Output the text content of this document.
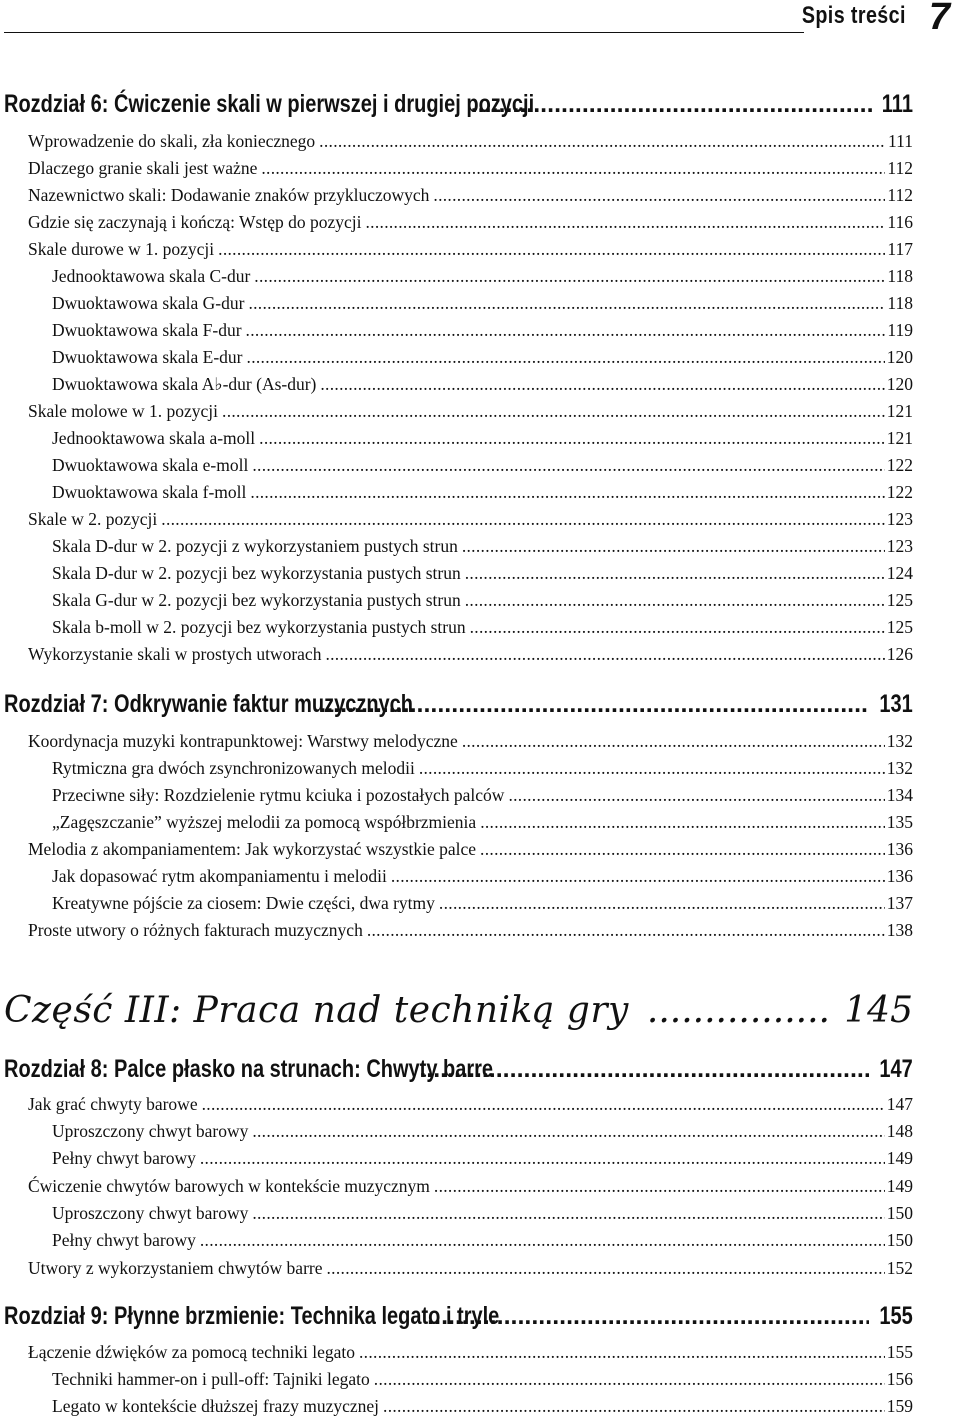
Spis treści 7
Rozdział 6: Ćwiczenie skali w pierwszej i drugiej pozycji .....	111
Wprowadzenie do skali, zła koniecznego .....	111
Dlaczego granie skali jest ważne .....	112
Nazewnictwo skali: Dodawanie znaków przykluczowych .....	112
Gdzie się zaczynają i kończą: Wstęp do pozycji .....	116
Skale durowe w 1. pozycji .....	117
Jednooktawowa skala C-dur .....	118
Dwuoktawowa skala G-dur .....	118
Dwuoktawowa skala F-dur .....	119
Dwuoktawowa skala E-dur .....	120
Dwuoktawowa skala A♭-dur (As-dur) .....	120
Skale molowe w 1. pozycji .....	121
Jednooktawowa skala a-moll .....	121
Dwuoktawowa skala e-moll .....	122
Dwuoktawowa skala f-moll .....	122
Skale w 2. pozycji .....	123
Skala D-dur w 2. pozycji z wykorzystaniem pustych strun .....	123
Skala D-dur w 2. pozycji bez wykorzystania pustych strun .....	124
Skala G-dur w 2. pozycji bez wykorzystania pustych strun .....	125
Skala b-moll w 2. pozycji bez wykorzystania pustych strun .....	125
Wykorzystanie skali w prostych utworach .....	126
Rozdział 7: Odkrywanie faktur muzycznych .....	131
Koordynacja muzyki kontrapunktowej: Warstwy melodyczne .....	132
Rytmiczna gra dwóch zsynchronizowanych melodii .....	132
Przeciwne siły: Rozdzielenie rytmu kciuka i pozostałych palców .....	134
„Zagęszczanie” wyższej melodii za pomocą współbrzmienia .....	135
Melodia z akompaniamentem: Jak wykorzystać wszystkie palce .....	136
Jak dopasować rytm akompaniamentu i melodii .....	136
Kreatywne pójście za ciosem: Dwie części, dwa rytmy .....	137
Proste utwory o różnych fakturach muzycznych .....	138
Część III: Praca nad techniką gry .....	145
Rozdział 8: Palce płasko na strunach: Chwyty barre .....	147
Jak grać chwyty barowe .....	147
Uproszczony chwyt barowy .....	148
Pełny chwyt barowy .....	149
Ćwiczenie chwytów barowych w kontekście muzycznym .....	149
Uproszczony chwyt barowy .....	150
Pełny chwyt barowy .....	150
Utwory z wykorzystaniem chwytów barre .....	152
Rozdział 9: Płynne brzmienie: Technika legato i tryle .....	155
Łączenie dźwięków za pomocą techniki legato .....	155
Techniki hammer-on i pull-off: Tajniki legato .....	156
Legato w kontekście dłuższej frazy muzycznej .....	159
